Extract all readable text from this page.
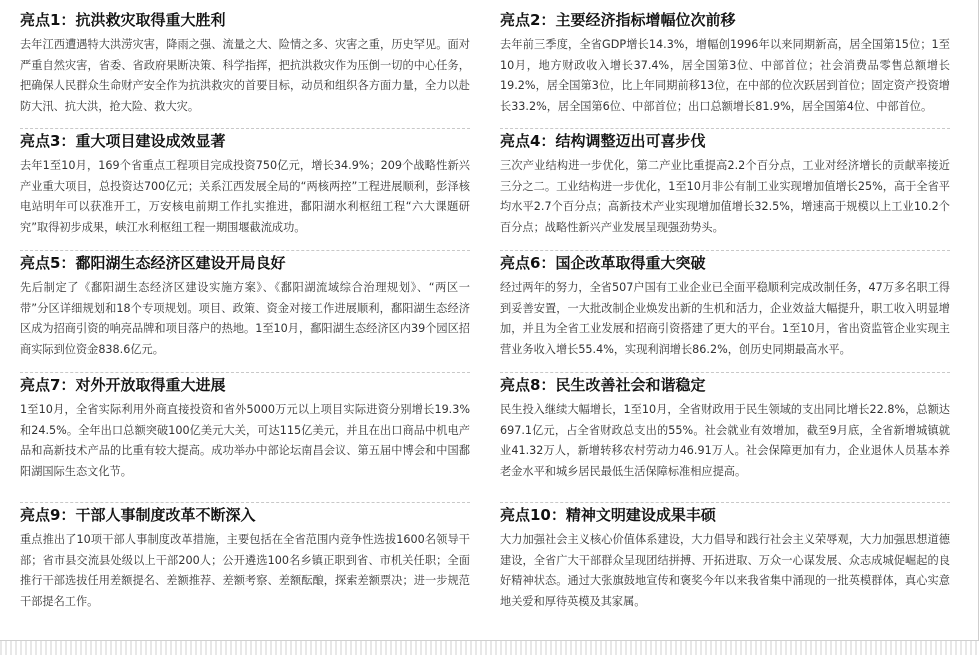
亮点1：抗洪救灾取得重大胜利

去年江西遭遇特大洪涝灾害，降雨之强、流量之大、险情之多、灾害之重，历史罕见。面对严重自然灾害，省委、省政府果断决策、科学指挥，把抗洪救灾作为压倒一切的中心任务，把确保人民群众生命财产安全作为抗洪救灾的首要目标，动员和组织各方面力量，全力以赴防大汛、抗大洪，抢大险、救大灾。

亮点2：主要经济指标增幅位次前移

去年前三季度，全省GDP增长14.3%，增幅创1996年以来同期新高，居全国第15位；1至10月，地方财政收入增长37.4%，居全国第3位、中部首位；社会消费品零售总额增长19.2%，居全国第3位，比上年同期前移13位，在中部的位次跃居到首位；固定资产投资增长33.2%，居全国第6位、中部首位；出口总额增长81.9%，居全国第4位、中部首位。

亮点3：重大项目建设成效显著

去年1至10月，169个省重点工程项目完成投资750亿元，增长34.9%；209个战略性新兴产业重大项目，总投资达700亿元；关系江西发展全局的“两核两控”工程进展顺利，彭泽核电站明年可以获准开工，万安核电前期工作扎实推进，鄱阳湖水利枢纽工程“六大课题研究”取得初步成果，峡江水利枢纽工程一期围堰截流成功。

亮点4：结构调整迈出可喜步伐

三次产业结构进一步优化，第二产业比重提高2.2个百分点，工业对经济增长的贡献率接近三分之二。工业结构进一步优化，1至10月非公有制工业实现增加值增长25%，高于全省平均水平2.7个百分点；高新技术产业实现增加值增长32.5%，增速高于规模以上工业10.2个百分点；战略性新兴产业发展呈现强劲势头。

亮点5：鄱阳湖生态经济区建设开局良好

先后制定了《鄱阳湖生态经济区建设实施方案》、《鄱阳湖流域综合治理规划》、“两区一带”分区详细规划和18个专项规划。项目、政策、资金对接工作进展顺利，鄱阳湖生态经济区成为招商引资的响亮品牌和项目落户的热地。1至10月，鄱阳湖生态经济区内39个园区招商实际到位资金838.6亿元。

亮点6：国企改革取得重大突破

经过两年的努力，全省507户国有工业企业已全面平稳顺利完成改制任务，47万多名职工得到妥善安置，一大批改制企业焕发出新的生机和活力，企业效益大幅提升，职工收入明显增加，并且为全省工业发展和招商引资搭建了更大的平台。1至10月，省出资监管企业实现主营业务收入增长55.4%，实现利润增长86.2%，创历史同期最高水平。

亮点7：对外开放取得重大进展

1至10月，全省实际利用外商直接投资和省外5000万元以上项目实际进资分别增长19.3%和24.5%。全年出口总额突破100亿美元大关，可达115亿美元，并且在出口商品中机电产品和高新技术产品的比重有较大提高。成功举办中部论坛南昌会议、第五届中博会和中国鄱阳湖国际生态文化节。

亮点8：民生改善社会和谐稳定

民生投入继续大幅增长，1至10月，全省财政用于民生领域的支出同比增长22.8%，总额达697.1亿元，占全省财政总支出的55%。社会就业有效增加，截至9月底，全省新增城镇就业41.32万人，新增转移农村劳动力46.91万人。社会保障更加有力，企业退休人员基本养老金水平和城乡居民最低生活保障标准相应提高。

亮点9：干部人事制度改革不断深入

重点推出了10项干部人事制度改革措施，主要包括在全省范围内竞争性选拔1600名领导干部；省市县交流县处级以上干部200人；公开遴选100名乡镇正职到省、市机关任职；全面推行干部选拔任用差额提名、差额推荐、差额考察、差额酝酿，探索差额票决；进一步规范干部提名工作。

亮点10：精神文明建设成果丰硕

大力加强社会主义核心价值体系建设，大力倡导和践行社会主义荣辱观，大力加强思想道德建设，全省广大干部群众呈现团结拼搏、开拓进取、万众一心谋发展、众志成城促崛起的良好精神状态。通过大张旗鼓地宣传和褒奖今年以来我省集中涌现的一批英模群体，真心实意地关爱和厚待英模及其家属。
